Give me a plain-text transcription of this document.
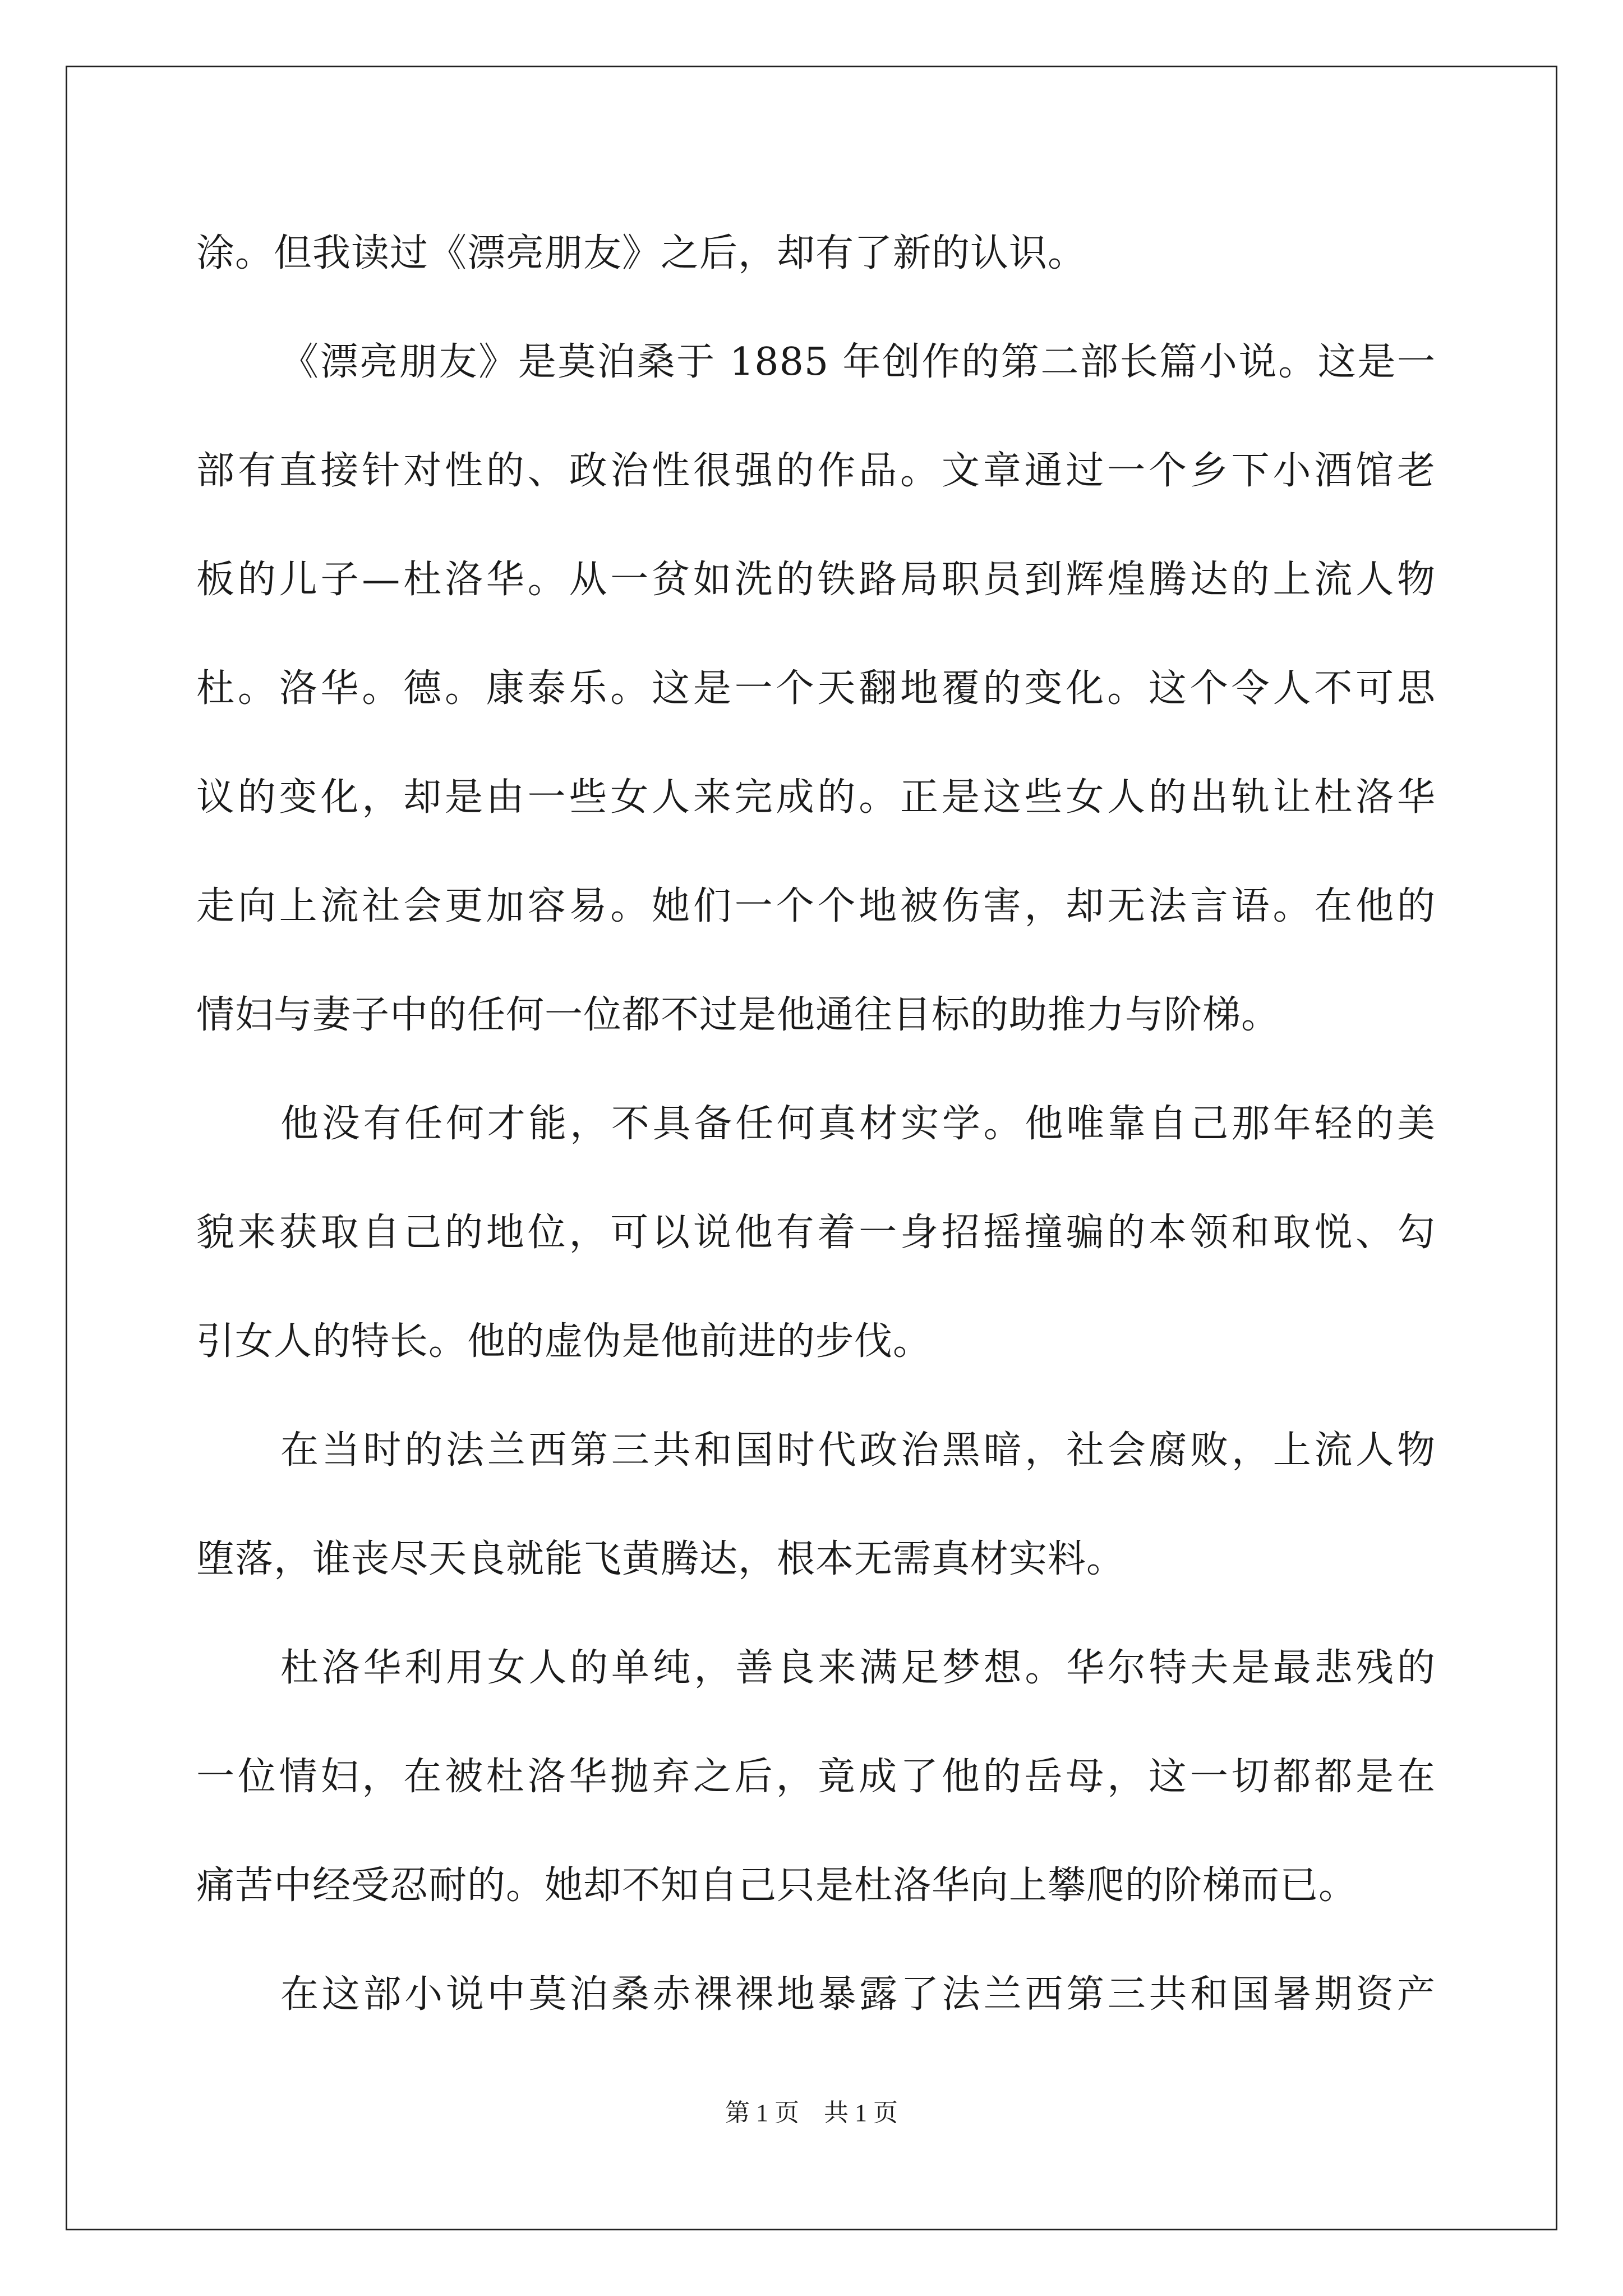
涂。但我读过《漂亮朋友》之后，却有了新的认识。
《漂亮朋友》是莫泊桑于 1885 年创作的第二部长篇小说。这是一
部有直接针对性的、政治性很强的作品。文章通过一个乡下小酒馆老
板的儿子—杜洛华。从一贫如洗的铁路局职员到辉煌腾达的上流人物
杜。洛华。德。康泰乐。这是一个天翻地覆的变化。这个令人不可思
议的变化，却是由一些女人来完成的。正是这些女人的出轨让杜洛华
走向上流社会更加容易。她们一个个地被伤害，却无法言语。在他的
情妇与妻子中的任何一位都不过是他通往目标的助推力与阶梯。
他没有任何才能，不具备任何真材实学。他唯靠自己那年轻的美
貌来获取自己的地位，可以说他有着一身招摇撞骗的本领和取悦、勾
引女人的特长。他的虚伪是他前进的步伐。
在当时的法兰西第三共和国时代政治黑暗，社会腐败，上流人物
堕落，谁丧尽天良就能飞黄腾达，根本无需真材实料。
杜洛华利用女人的单纯，善良来满足梦想。华尔特夫是最悲残的
一位情妇，在被杜洛华抛弃之后，竟成了他的岳母，这一切都都是在
痛苦中经受忍耐的。她却不知自己只是杜洛华向上攀爬的阶梯而已。
在这部小说中莫泊桑赤裸裸地暴露了法兰西第三共和国暑期资产
第 1 页 共 1 页
